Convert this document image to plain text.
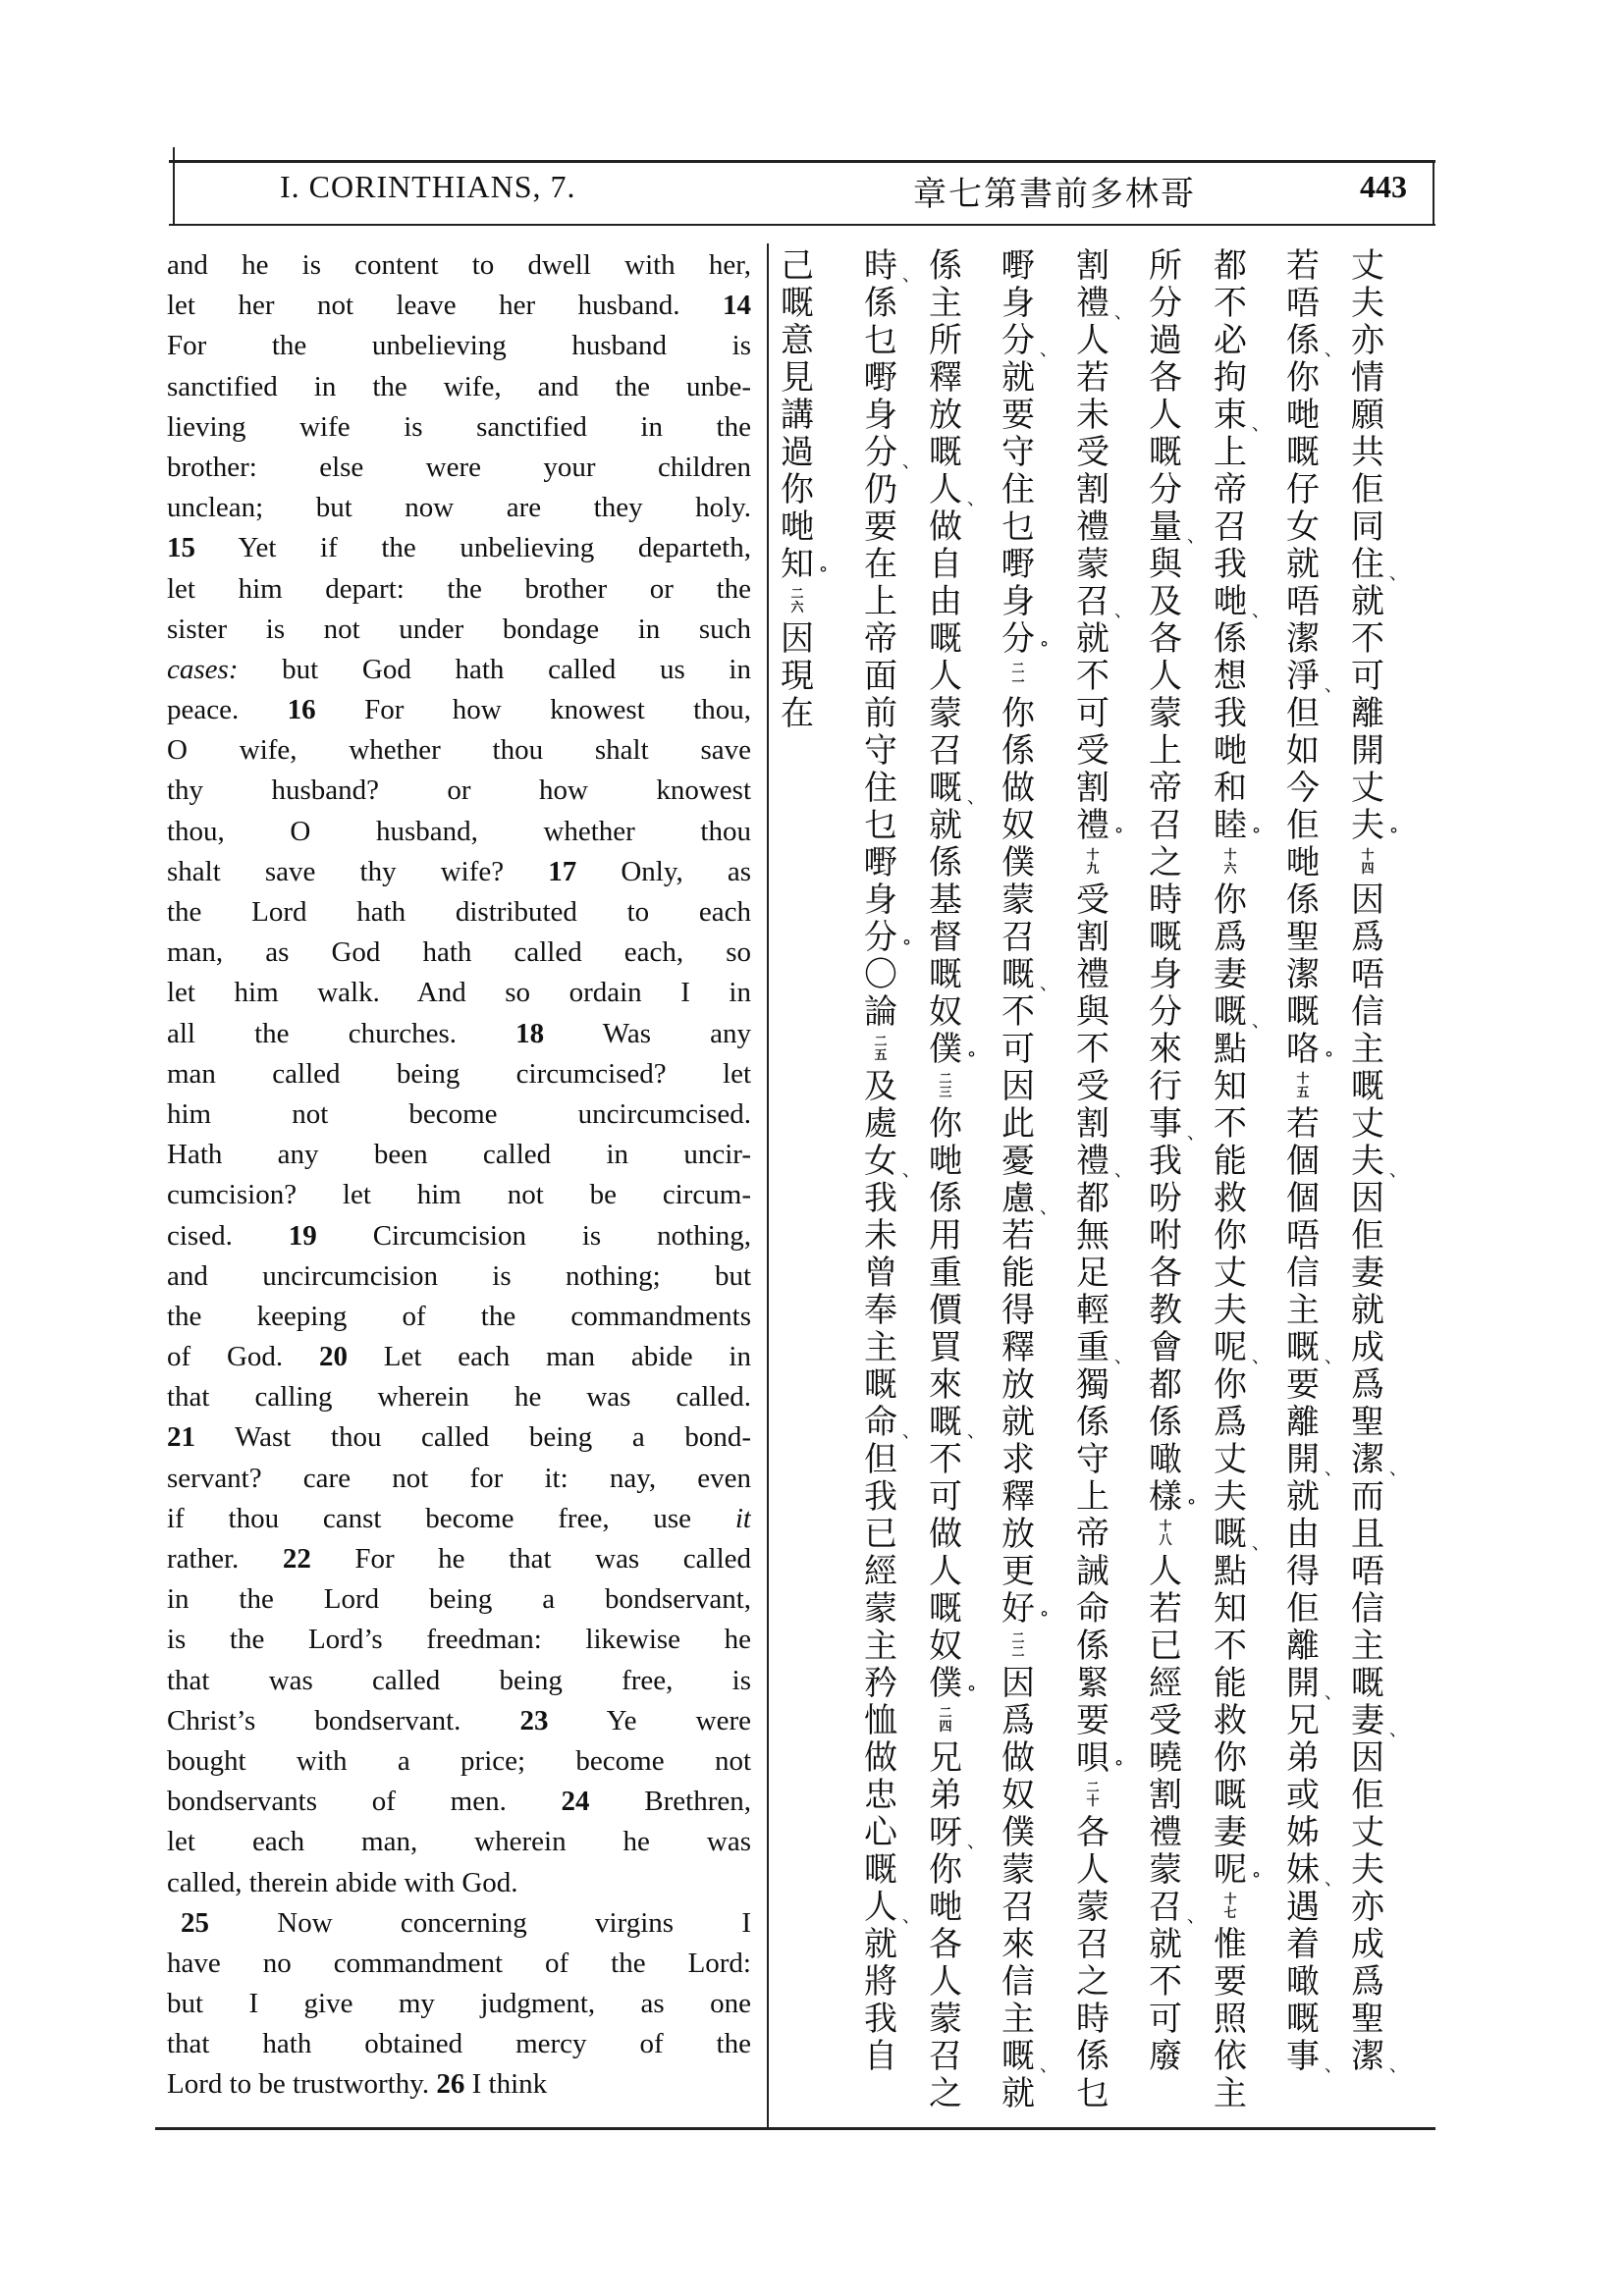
I. CORINTHIANS, 7.	章七第書前多林哥	443
and he is content to dwell with her,
let her not leave her husband. 14
For the unbelieving husband is
sanctified in the wife, and the unbe-
lieving wife is sanctified in the
brother: else were your children
unclean; but now are they holy.
15 Yet if the unbelieving departeth,
let him depart: the brother or the
sister is not under bondage in such
cases: but God hath called us in
peace. 16 For how knowest thou,
O wife, whether thou shalt save
thy husband? or how knowest
thou, O husband, whether thou
shalt save thy wife? 17 Only, as
the Lord hath distributed to each
man, as God hath called each, so
let him walk. And so ordain I in
all the churches. 18 Was any
man called being circumcised? let
him not become uncircumcised.
Hath any been called in uncir-
cumcision? let him not be circum-
cised. 19 Circumcision is nothing,
and uncircumcision is nothing; but
the keeping of the commandments
of God. 20 Let each man abide in
that calling wherein he was called.
21 Wast thou called being a bond-
servant? care not for it: nay, even
if thou canst become free, use it
rather. 22 For he that was called
in the Lord being a bondservant,
is the Lord’s freedman: likewise he
that was called being free, is
Christ’s bondservant. 23 Ye were
bought with a price; become not
bondservants of men. 24 Brethren,
let each man, wherein he was
called, therein abide with God.
25 Now concerning virgins I
have no commandment of the Lord:
but I give my judgment, as one
that hath obtained mercy of the
Lord to be trustworthy. 26 I think
丈
夫
亦
情
願
共
佢
同
住 、
就
不
可
離
開
丈
夫 °
十四
因
爲
唔
信
主
嘅
丈
夫 、
因
佢
妻
就
成
爲
聖
潔 、
而
且
唔
信
主
嘅
妻 、
因
佢
丈
夫
亦
成
爲
聖
潔 、
若
唔
係 、
你
哋
嘅
仔
女
就
唔
潔
淨 、
但
如
今
佢
哋
係
聖
潔
嘅
咯 °
十五
若
個
個
唔
信
主
嘅 、
要
離
開 、
就
由
得
佢
離
開 、
兄
弟
或
姊
妹 、
遇
着
噉
嘅
事 、
都
不
必
拘
束 、
上
帝
召
我
哋 、
係
想
我
哋
和
睦 °
十六
你
爲
妻
嘅 、
點
知
不
能
救
你
丈
夫
呢 、
你
爲
丈
夫
嘅 、
點
知
不
能
救
你
嘅
妻
呢 °
十七
惟
要
照
依
主
所
分
過
各
人
嘅
分
量 、
與
及
各
人
蒙
上
帝
召
之
時
嘅
身
分
來
行
事 、
我
吩
咐
各
教
會
都
係
噉
樣 °
十八
人
若
已
經
受
曉
割
禮
蒙
召 、
就
不
可
廢
割
禮 、
人
若
未
受
割
禮
蒙
召 、
就
不
可
受
割
禮 °
十九
受
割
禮
與
不
受
割
禮 、
都
無
足
輕
重 、
獨
係
守
上
帝
誡
命
係
緊
要
唄 °
二十
各
人
蒙
召
之
時
係
乜
嘢
身
分 、
就
要
守
住
乜
嘢
身
分 °
二一
你
係
做
奴
僕
蒙
召
嘅 、
不
可
因
此
憂
慮 、
若
能
得
釋
放
就
求
釋
放
更
好 °
二二
因
爲
做
奴
僕
蒙
召
來
信
主
嘅 、
就
係
主
所
釋
放
嘅
人 、
做
自
由
嘅
人
蒙
召
嘅 、
就
係
基
督
嘅
奴
僕 °
二三
你
哋
係
用
重
價
買
來
嘅 、
不
可
做
人
嘅
奴
僕 °
二四
兄
弟
呀 、
你
哋
各
人
蒙
召
之
時 、
係
乜
嘢
身
分 、
仍
要
在
上
帝
面
前
守
住
乜
嘢
身
分 °
〇
論
二五
及
處
女 、
我
未
曾
奉
主
嘅
命 、
但
我
已
經
蒙
主
矜
恤
做
忠
心
嘅
人 、
就
將
我
自
己
嘅
意
見
講
過
你
哋
知 °
二六
因
現
在
